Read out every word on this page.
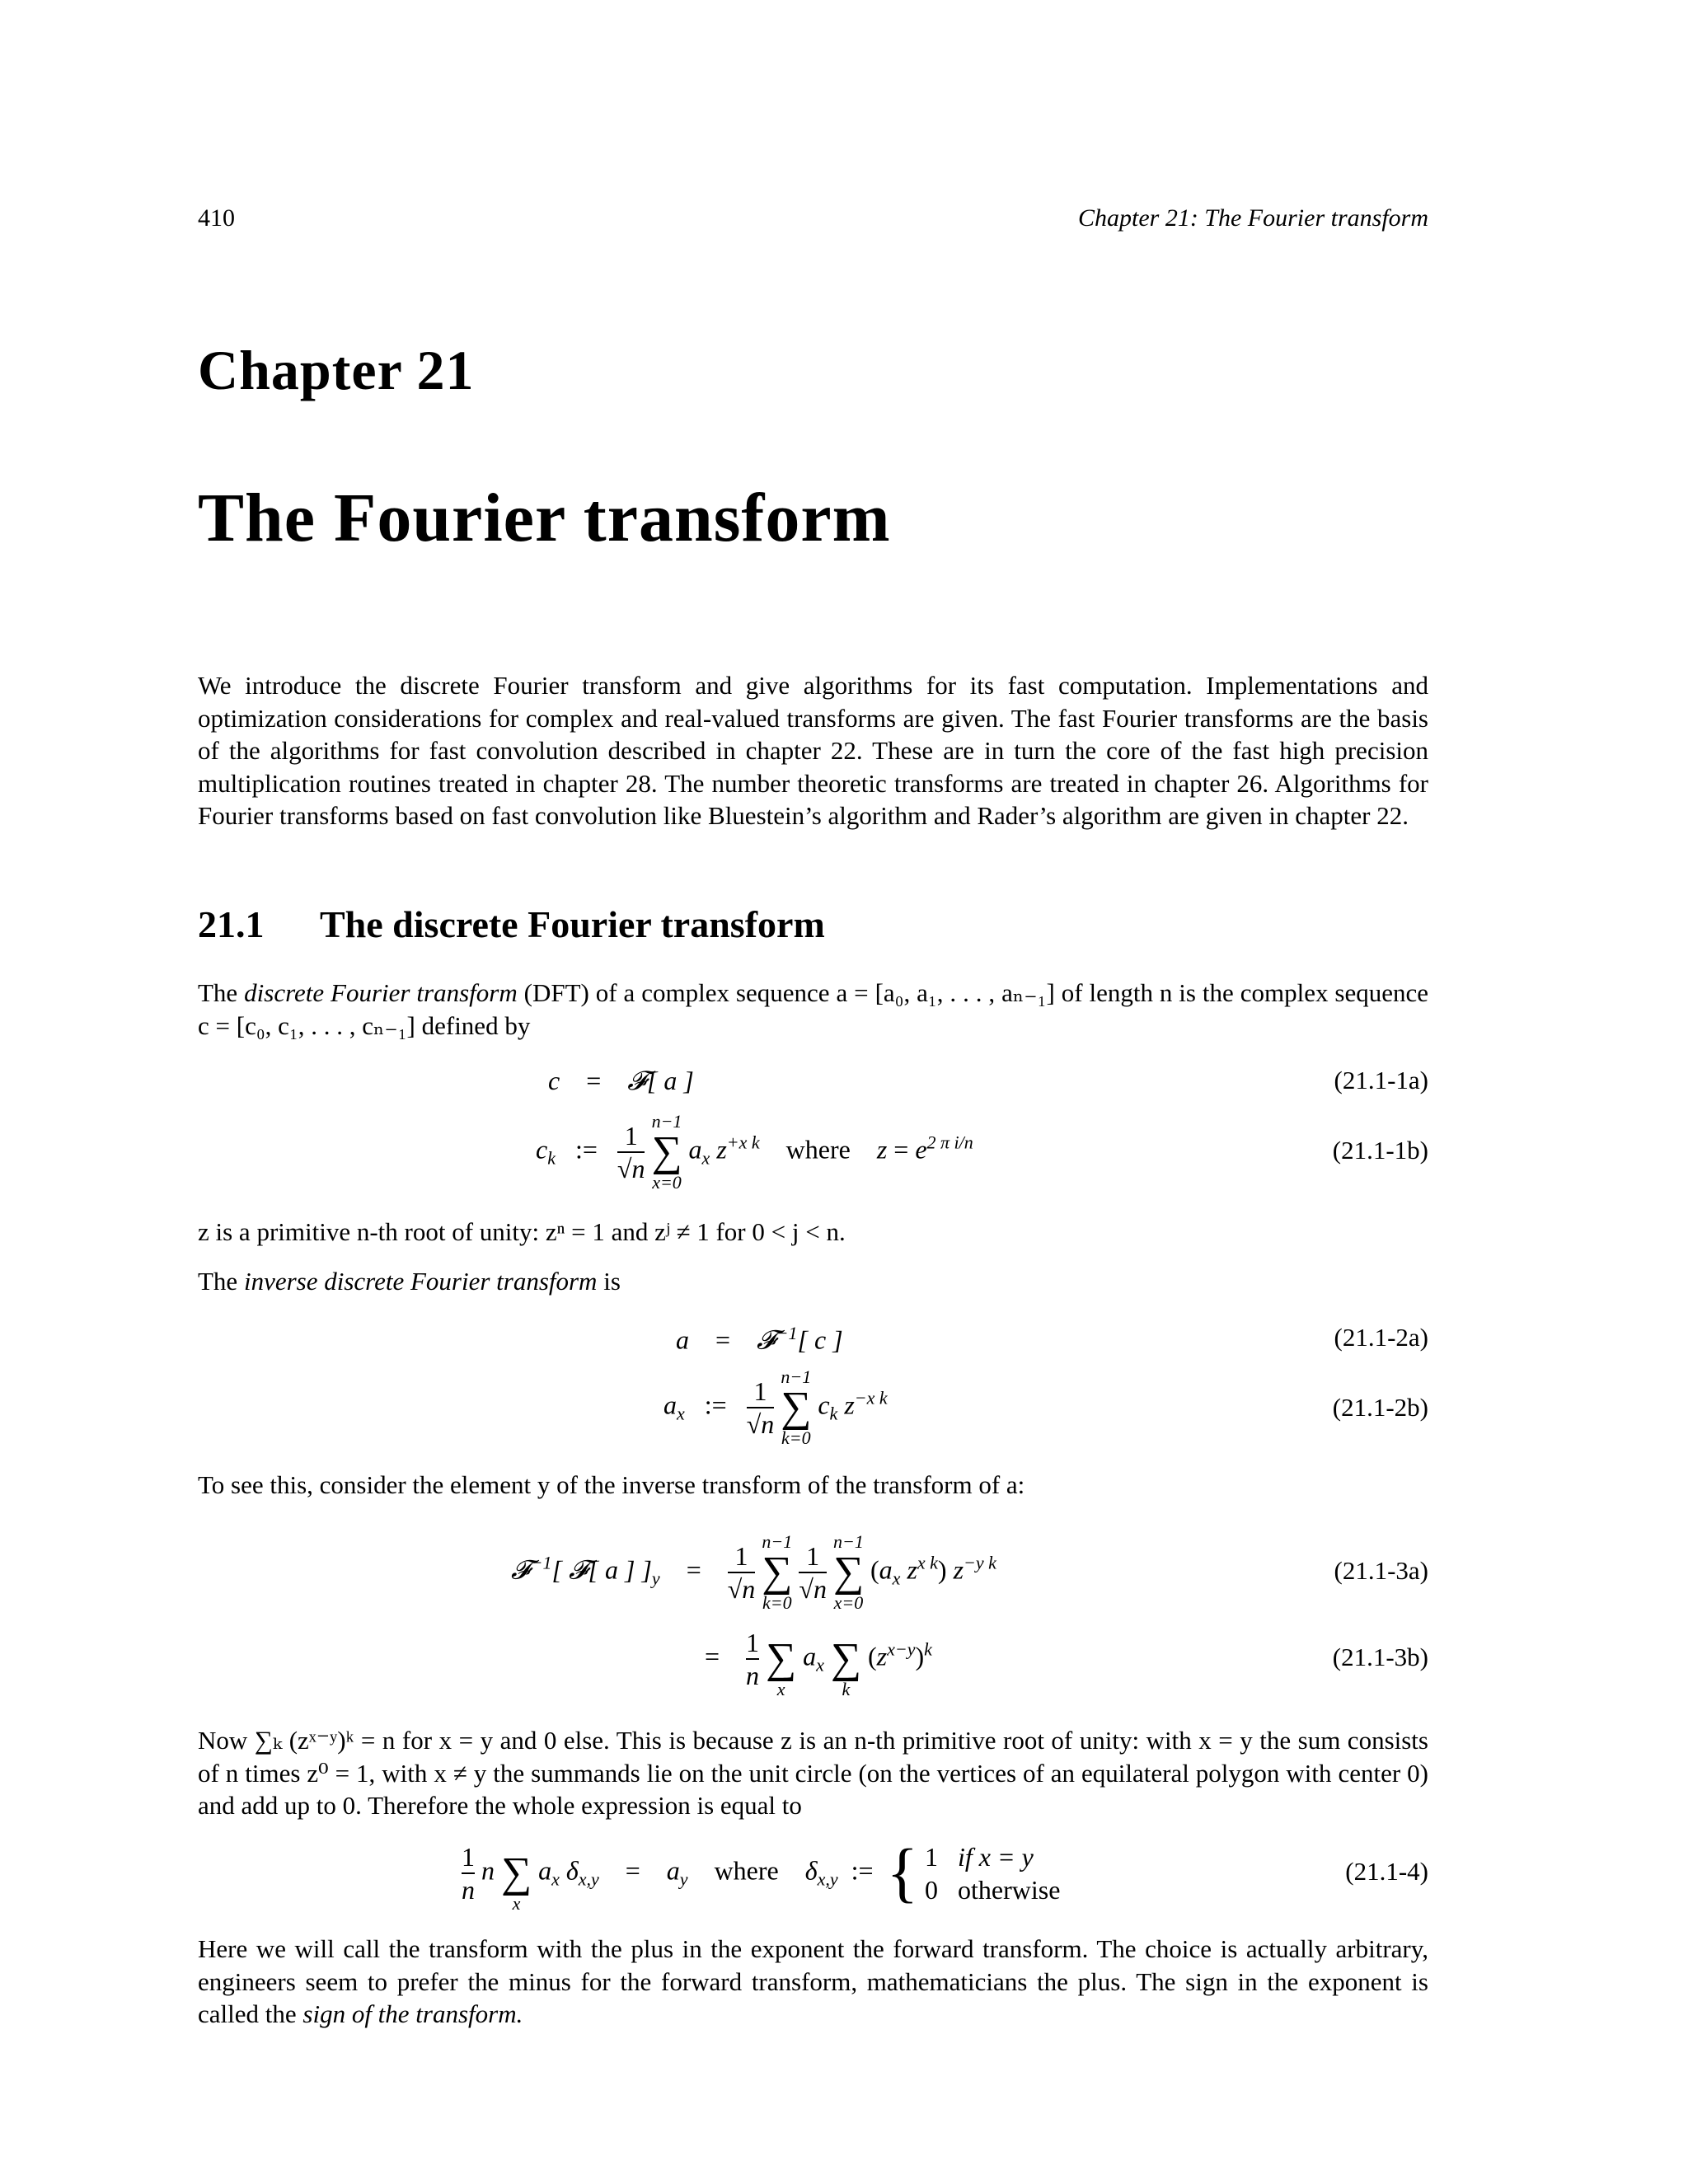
410	Chapter 21: The Fourier transform
Chapter 21
The Fourier transform
We introduce the discrete Fourier transform and give algorithms for its fast computation. Implementations and optimization considerations for complex and real-valued transforms are given. The fast Fourier transforms are the basis of the algorithms for fast convolution described in chapter 22. These are in turn the core of the fast high precision multiplication routines treated in chapter 28. The number theoretic transforms are treated in chapter 26. Algorithms for Fourier transforms based on fast convolution like Bluestein’s algorithm and Rader’s algorithm are given in chapter 22.
21.1 The discrete Fourier transform
The discrete Fourier transform (DFT) of a complex sequence a = [a₀, a₁, . . . , aₙ₋₁] of length n is the complex sequence c = [c₀, c₁, . . . , cₙ₋₁] defined by
c    =    𝓕[ a ]	(21.1-1a)
$c_k$ := $\frac{1}{√n}$
n−1
∑
x=0
$a_x$ $z^{+x k}$ where    $z = e^{2 \pi i/n}$	(21.1-1b)
z is a primitive n-th root of unity: zⁿ = 1 and zʲ ≠ 1 for 0 < j < n.
The inverse discrete Fourier transform is
a    =    𝓕$^{-1}$[ c ]	(21.1-2a)
$a_x$ := $\frac{1}{√n}$
n−1
∑
k=0
$c_k$ $z^{-x k}$	(21.1-2b)
To see this, consider the element y of the inverse transform of the transform of a:
𝓕$^{-1}$[ 𝓕[ a ] ]$_y = \frac{1}{√n}$
n−1
∑
k=0
$\frac{1}{√n}$
n−1
∑
x=0
($a_x$ $z^{x k}$) $z^{-y k}$	(21.1-3a)
= $\frac{1}{n}$

∑
x
$a_x$
∑
k
$(z^{x-y})^k$	(21.1-3b)
Now ∑ₖ (zˣ⁻ʸ)ᵏ = n for x = y and 0 else. This is because z is an n-th primitive root of unity: with x = y the sum consists of n times z⁰ = 1, with x ≠ y the summands lie on the unit circle (on the vertices of an equilateral polygon with center 0) and add up to 0. Therefore the whole expression is equal to
$\frac{1}{n}$ n
∑
x
$a_x$ $\delta_{x,y}$ =    $a_y$ where    $\delta_{x,y}$ := { 1   if x = y
0   otherwise
(21.1-4)
Here we will call the transform with the plus in the exponent the forward transform. The choice is actually arbitrary, engineers seem to prefer the minus for the forward transform, mathematicians the plus. The sign in the exponent is called the sign of the transform.
